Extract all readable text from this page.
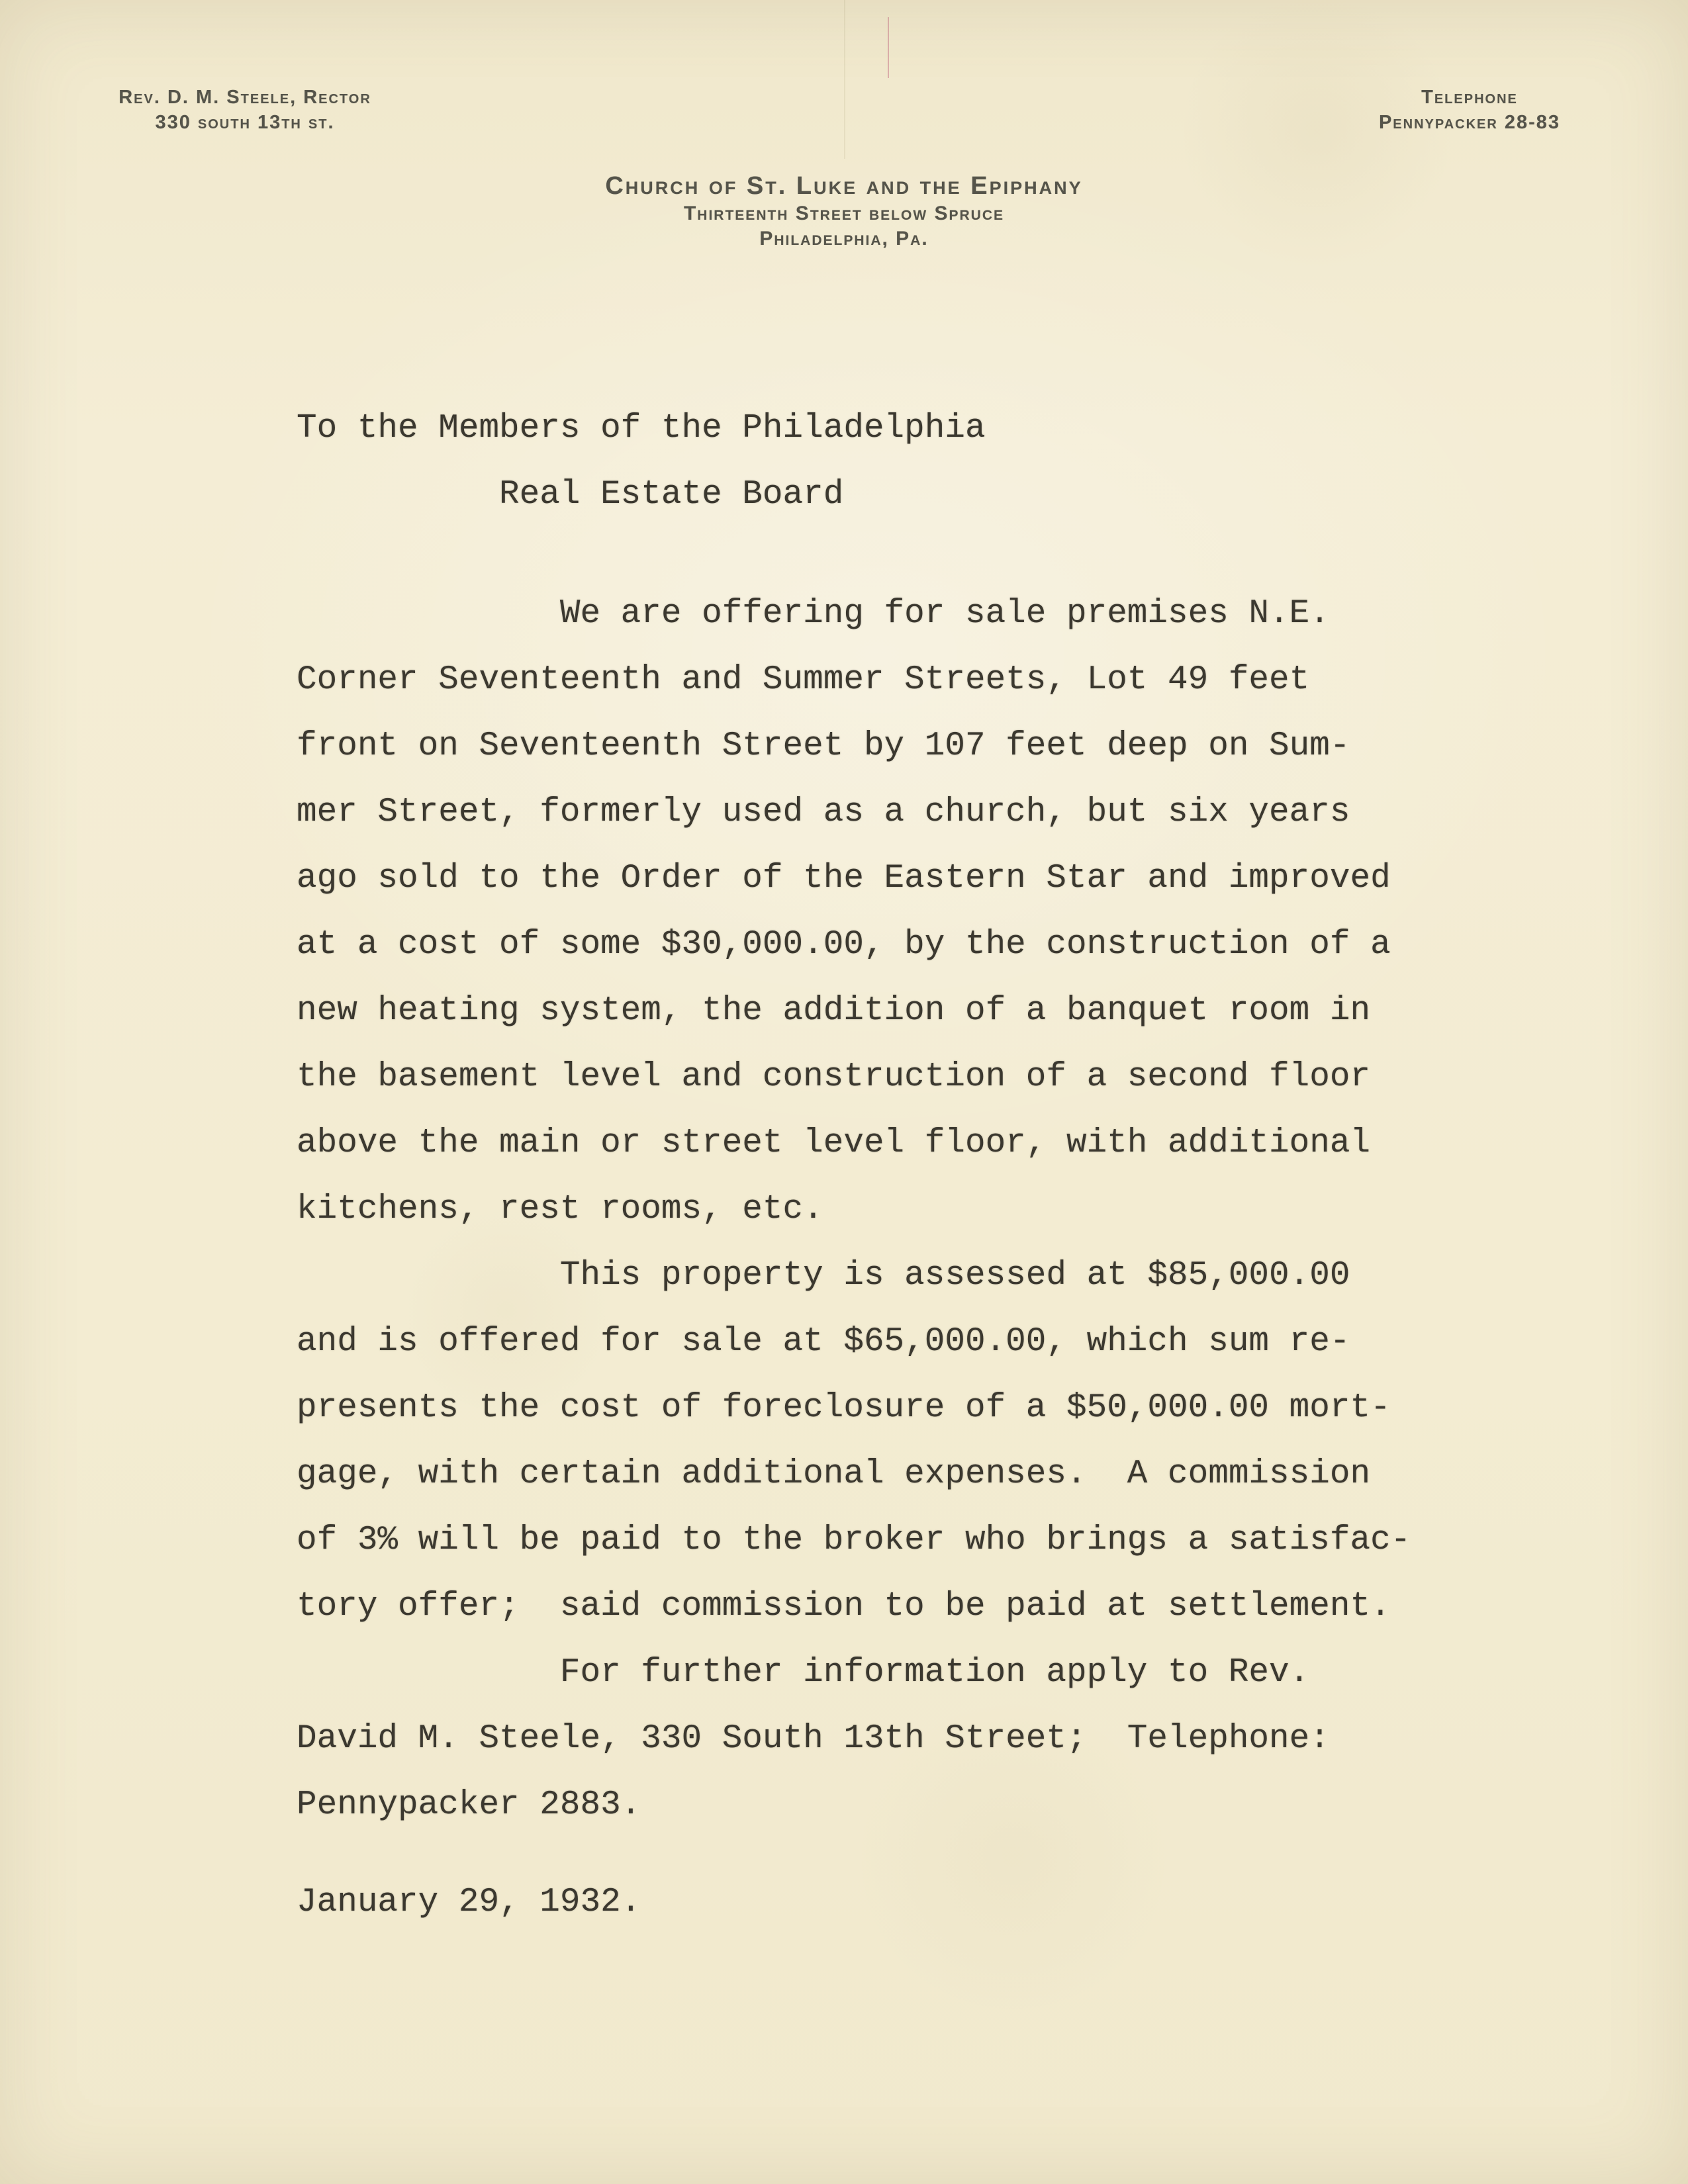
Rev. D. M. Steele, Rector
330 south 13th st.
Telephone
Pennypacker 28-83
Church of St. Luke and the Epiphany
Thirteenth Street below Spruce
Philadelphia, Pa.
To the Members of the Philadelphia
Real Estate Board
We are offering for sale premises N.E.
Corner Seventeenth and Summer Streets, Lot 49 feet
front on Seventeenth Street by 107 feet deep on Sum-
mer Street, formerly used as a church, but six years
ago sold to the Order of the Eastern Star and improved
at a cost of some $30,000.00, by the construction of a
new heating system, the addition of a banquet room in
the basement level and construction of a second floor
above the main or street level floor, with additional
kitchens, rest rooms, etc.
This property is assessed at $85,000.00
and is offered for sale at $65,000.00, which sum re-
presents the cost of foreclosure of a $50,000.00 mort-
gage, with certain additional expenses.  A commission
of 3% will be paid to the broker who brings a satisfac-
tory offer;  said commission to be paid at settlement.
For further information apply to Rev.
David M. Steele, 330 South 13th Street;  Telephone:
Pennypacker 2883.
January 29, 1932.
